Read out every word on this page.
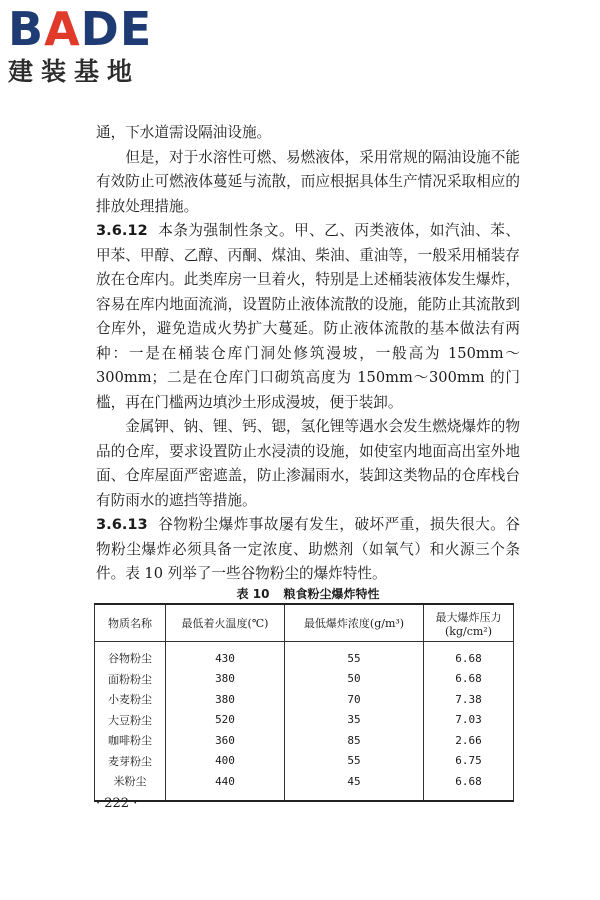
BADE
建装基地

通，下水道需设隔油设施。

但是，对于水溶性可燃、易燃液体，采用常规的隔油设施不能有效防止可燃液体蔓延与流散，而应根据具体生产情况采取相应的排放处理措施。

3.6.12 本条为强制性条文。甲、乙、丙类液体，如汽油、苯、甲苯、甲醇、乙醇、丙酮、煤油、柴油、重油等，一般采用桶装存放在仓库内。此类库房一旦着火，特别是上述桶装液体发生爆炸，容易在库内地面流淌，设置防止液体流散的设施，能防止其流散到仓库外，避免造成火势扩大蔓延。防止液体流散的基本做法有两种：一是在桶装仓库门洞处修筑漫坡，一般高为 150mm～300mm；二是在仓库门口砌筑高度为 150mm～300mm 的门槛，再在门槛两边填沙土形成漫坡，便于装卸。

金属钾、钠、锂、钙、锶，氢化锂等遇水会发生燃烧爆炸的物品的仓库，要求设置防止水浸渍的设施，如使室内地面高出室外地面、仓库屋面严密遮盖，防止渗漏雨水，装卸这类物品的仓库栈台有防雨水的遮挡等措施。

3.6.13 谷物粉尘爆炸事故屡有发生，破坏严重，损失很大。谷物粉尘爆炸必须具备一定浓度、助燃剂（如氧气）和火源三个条件。表 10 列举了一些谷物粉尘的爆炸特性。

表 10 粮食粉尘爆炸特性
物质名称	最低着火温度(℃)	最低爆炸浓度(g/m³)	最大爆炸压力(kg/cm²)
谷物粉尘	430	55	6.68
面粉粉尘	380	50	6.68
小麦粉尘	380	70	7.38
大豆粉尘	520	35	7.03
咖啡粉尘	360	85	2.66
麦芽粉尘	400	55	6.75
米粉尘	440	45	6.68
· 222 ·
